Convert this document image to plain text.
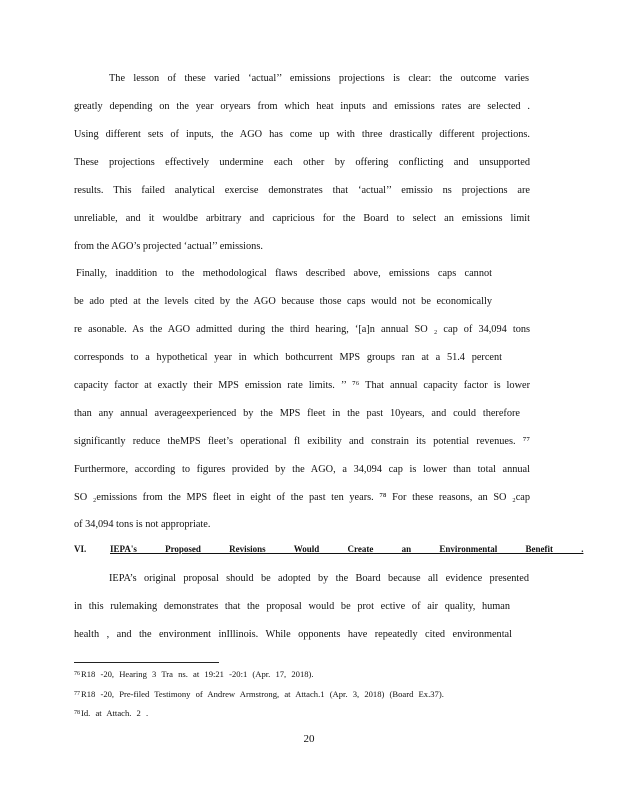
The lesson of these varied ‘actual’’ emissions projections is clear: the outcome varies
greatly depending on the year oryears from which heat inputs and emissions rates are selected .
Using different sets of inputs, the AGO has come up with three drastically different projections.
These projections effectively undermine each other by offering conflicting and unsupported
results. This failed analytical exercise demonstrates that ‘actual’’ emissio ns projections are
unreliable, and it wouldbe arbitrary and capricious for the Board to select an emissions limit
from the AGO’s projected ‘actual’’ emissions.
Finally, inaddition to the methodological flaws described above, emissions caps cannot
be ado pted at the levels cited by the AGO because those caps would not be economically
re asonable. As the AGO admitted during the third hearing, ‘[a]n annual SO ₂ cap of 34,094 tons
corresponds to a hypothetical year in which bothcurrent MPS groups ran at a 51.4 percent
capacity factor at exactly their MPS emission rate limits. ’’ ⁷⁶ That annual capacity factor is lower
than any annual averageexperienced by the MPS fleet in the past 10years, and could therefore
significantly reduce theMPS fleet’s operational fl exibility and constrain its potential revenues. ⁷⁷
Furthermore, according to figures provided by the AGO, a 34,094 cap is lower than total annual
SO ₂emissions from the MPS fleet in eight of the past ten years. ⁷⁸ For these reasons, an SO ₂cap
of 34,094 tons is not appropriate.
VI.	IEPA's Proposed Revisions Would Create an Environmental Benefit .
IEPA’s original proposal should be adopted by the Board because all evidence presented
in this rulemaking demonstrates that the proposal would be prot ective of air quality, human
health , and the environment inIllinois. While opponents have repeatedly cited environmental
$^{76}$R18 -20, Hearing 3 Tra ns. at 19:21 -20:1 (Apr. 17, 2018).
$^{77}$R18 -20, Pre-filed Testimony of Andrew Armstrong, at Attach.1 (Apr. 3, 2018) (Board Ex.37).
$^{78}$Id. at Attach. 2 .
20
